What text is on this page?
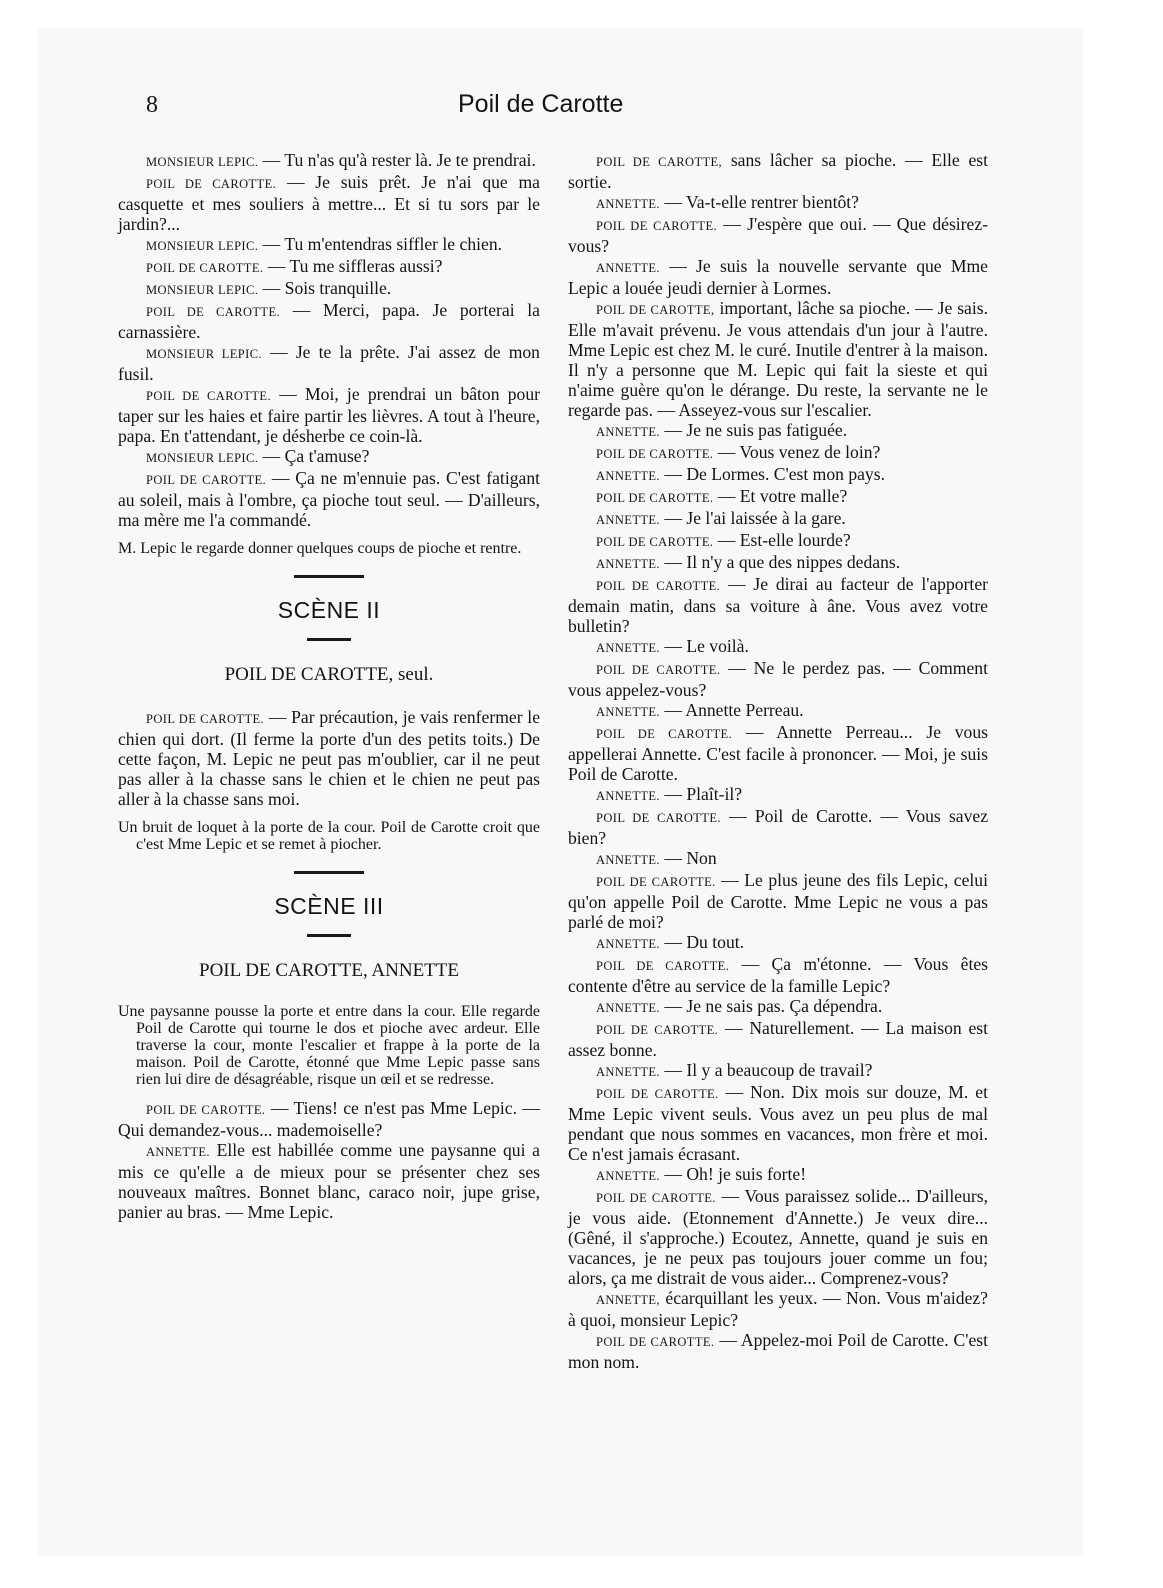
8	Poil de Carotte

MONSIEUR LEPIC. — Tu n'as qu'à rester là. Je te prendrai.

POIL DE CAROTTE. — Je suis prêt. Je n'ai que ma casquette et mes souliers à mettre... Et si tu sors par le jardin?...

MONSIEUR LEPIC. — Tu m'entendras siffler le chien.

POIL DE CAROTTE. — Tu me siffleras aussi?

MONSIEUR LEPIC. — Sois tranquille.

POIL DE CAROTTE. — Merci, papa. Je porterai la carnassière.

MONSIEUR LEPIC. — Je te la prête. J'ai assez de mon fusil.

POIL DE CAROTTE. — Moi, je prendrai un bâton pour taper sur les haies et faire partir les lièvres. A tout à l'heure, papa. En t'attendant, je désherbe ce coin-là.

MONSIEUR LEPIC. — Ça t'amuse?

POIL DE CAROTTE. — Ça ne m'ennuie pas. C'est fatigant au soleil, mais à l'ombre, ça pioche tout seul. — D'ailleurs, ma mère me l'a commandé.

M. Lepic le regarde donner quelques coups de pioche et rentre.

SCÈNE II
POIL DE CAROTTE, seul.

POIL DE CAROTTE. — Par précaution, je vais renfermer le chien qui dort. (Il ferme la porte d'un des petits toits.) De cette façon, M. Lepic ne peut pas m'oublier, car il ne peut pas aller à la chasse sans le chien et le chien ne peut pas aller à la chasse sans moi.

Un bruit de loquet à la porte de la cour. Poil de Carotte croit que c'est Mme Lepic et se remet à piocher.

SCÈNE III
POIL DE CAROTTE, ANNETTE

Une paysanne pousse la porte et entre dans la cour. Elle regarde Poil de Carotte qui tourne le dos et pioche avec ardeur. Elle traverse la cour, monte l'escalier et frappe à la porte de la maison. Poil de Carotte, étonné que Mme Lepic passe sans rien lui dire de désagréable, risque un œil et se redresse.

POIL DE CAROTTE. — Tiens! ce n'est pas Mme Lepic. — Qui demandez-vous... mademoiselle?

ANNETTE. Elle est habillée comme une paysanne qui a mis ce qu'elle a de mieux pour se présenter chez ses nouveaux maîtres. Bonnet blanc, caraco noir, jupe grise, panier au bras. — Mme Lepic.

POIL DE CAROTTE, sans lâcher sa pioche. — Elle est sortie.

ANNETTE. — Va-t-elle rentrer bientôt?

POIL DE CAROTTE. — J'espère que oui. — Que désirez-vous?

ANNETTE. — Je suis la nouvelle servante que Mme Lepic a louée jeudi dernier à Lormes.

POIL DE CAROTTE, important, lâche sa pioche. — Je sais. Elle m'avait prévenu. Je vous attendais d'un jour à l'autre. Mme Lepic est chez M. le curé. Inutile d'entrer à la maison. Il n'y a personne que M. Lepic qui fait la sieste et qui n'aime guère qu'on le dérange. Du reste, la servante ne le regarde pas. — Asseyez-vous sur l'escalier.

ANNETTE. — Je ne suis pas fatiguée.

POIL DE CAROTTE. — Vous venez de loin?

ANNETTE. — De Lormes. C'est mon pays.

POIL DE CAROTTE. — Et votre malle?

ANNETTE. — Je l'ai laissée à la gare.

POIL DE CAROTTE. — Est-elle lourde?

ANNETTE. — Il n'y a que des nippes dedans.

POIL DE CAROTTE. — Je dirai au facteur de l'apporter demain matin, dans sa voiture à âne. Vous avez votre bulletin?

ANNETTE. — Le voilà.

POIL DE CAROTTE. — Ne le perdez pas. — Comment vous appelez-vous?

ANNETTE. — Annette Perreau.

POIL DE CAROTTE. — Annette Perreau... Je vous appellerai Annette. C'est facile à prononcer. — Moi, je suis Poil de Carotte.

ANNETTE. — Plaît-il?

POIL DE CAROTTE. — Poil de Carotte. — Vous savez bien?

ANNETTE. — Non

POIL DE CAROTTE. — Le plus jeune des fils Lepic, celui qu'on appelle Poil de Carotte. Mme Lepic ne vous a pas parlé de moi?

ANNETTE. — Du tout.

POIL DE CAROTTE. — Ça m'étonne. — Vous êtes contente d'être au service de la famille Lepic?

ANNETTE. — Je ne sais pas. Ça dépendra.

POIL DE CAROTTE. — Naturellement. — La maison est assez bonne.

ANNETTE. — Il y a beaucoup de travail?

POIL DE CAROTTE. — Non. Dix mois sur douze, M. et Mme Lepic vivent seuls. Vous avez un peu plus de mal pendant que nous sommes en vacances, mon frère et moi. Ce n'est jamais écrasant.

ANNETTE. — Oh! je suis forte!

POIL DE CAROTTE. — Vous paraissez solide... D'ailleurs, je vous aide. (Etonnement d'Annette.) Je veux dire... (Gêné, il s'approche.) Ecoutez, Annette, quand je suis en vacances, je ne peux pas toujours jouer comme un fou; alors, ça me distrait de vous aider... Comprenez-vous?

ANNETTE, écarquillant les yeux. — Non. Vous m'aidez? à quoi, monsieur Lepic?

POIL DE CAROTTE. — Appelez-moi Poil de Carotte. C'est mon nom.
